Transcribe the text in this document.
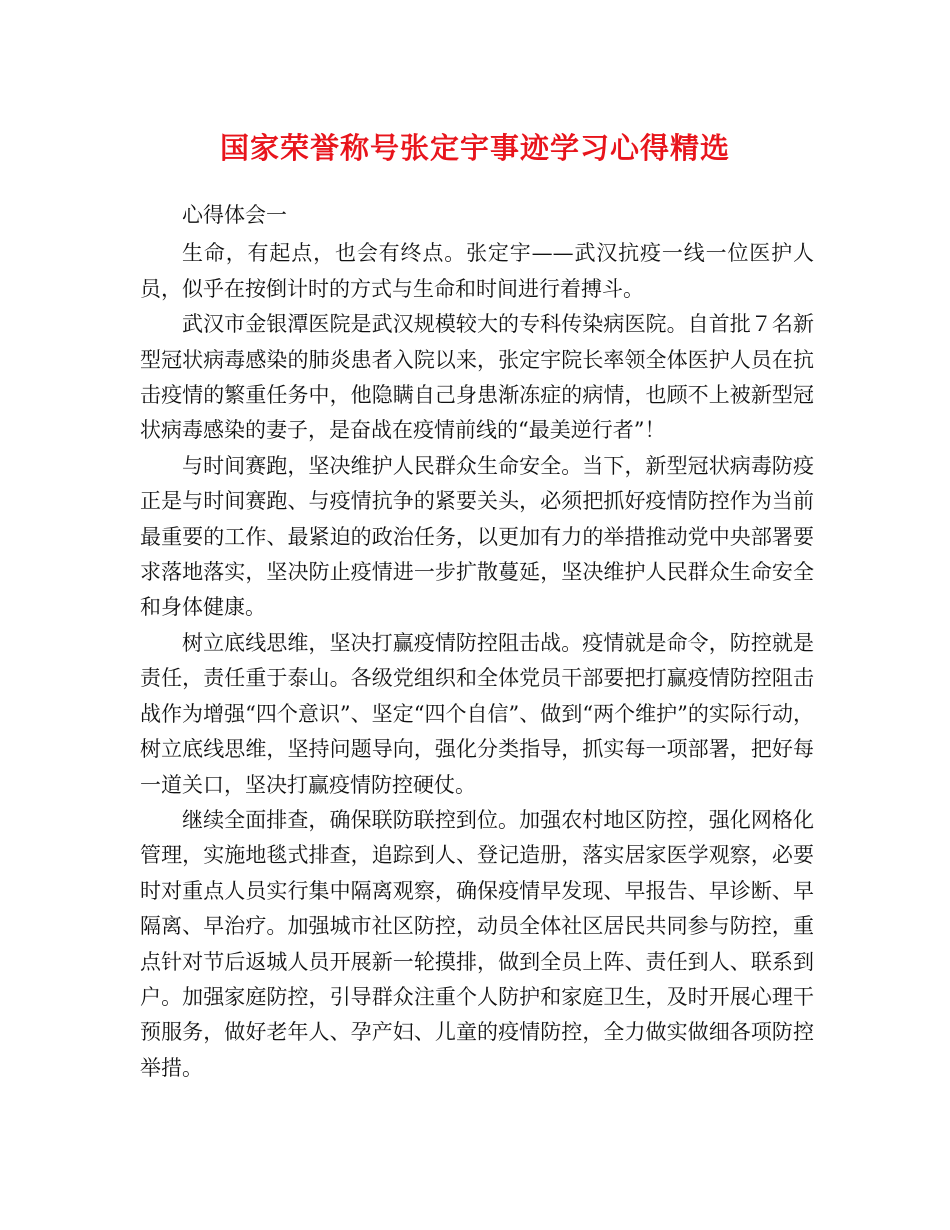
国家荣誉称号张定宇事迹学习心得精选

心得体会一

生命，有起点，也会有终点。张定宇——武汉抗疫一线一位医护人员，似乎在按倒计时的方式与生命和时间进行着搏斗。

武汉市金银潭医院是武汉规模较大的专科传染病医院。自首批７名新型冠状病毒感染的肺炎患者入院以来，张定宇院长率领全体医护人员在抗击疫情的繁重任务中，他隐瞒自己身患渐冻症的病情，也顾不上被新型冠状病毒感染的妻子，是奋战在疫情前线的“最美逆行者”！

与时间赛跑，坚决维护人民群众生命安全。当下，新型冠状病毒防疫正是与时间赛跑、与疫情抗争的紧要关头，必须把抓好疫情防控作为当前最重要的工作、最紧迫的政治任务，以更加有力的举措推动党中央部署要求落地落实，坚决防止疫情进一步扩散蔓延，坚决维护人民群众生命安全和身体健康。

树立底线思维，坚决打赢疫情防控阻击战。疫情就是命令，防控就是责任，责任重于泰山。各级党组织和全体党员干部要把打赢疫情防控阻击战作为增强“四个意识”、坚定“四个自信”、做到“两个维护”的实际行动，树立底线思维，坚持问题导向，强化分类指导，抓实每一项部署，把好每一道关口，坚决打赢疫情防控硬仗。

继续全面排查，确保联防联控到位。加强农村地区防控，强化网格化管理，实施地毯式排查，追踪到人、登记造册，落实居家医学观察，必要时对重点人员实行集中隔离观察，确保疫情早发现、早报告、早诊断、早隔离、早治疗。加强城市社区防控，动员全体社区居民共同参与防控，重点针对节后返城人员开展新一轮摸排，做到全员上阵、责任到人、联系到户。加强家庭防控，引导群众注重个人防护和家庭卫生，及时开展心理干预服务，做好老年人、孕产妇、儿童的疫情防控，全力做实做细各项防控举措。
